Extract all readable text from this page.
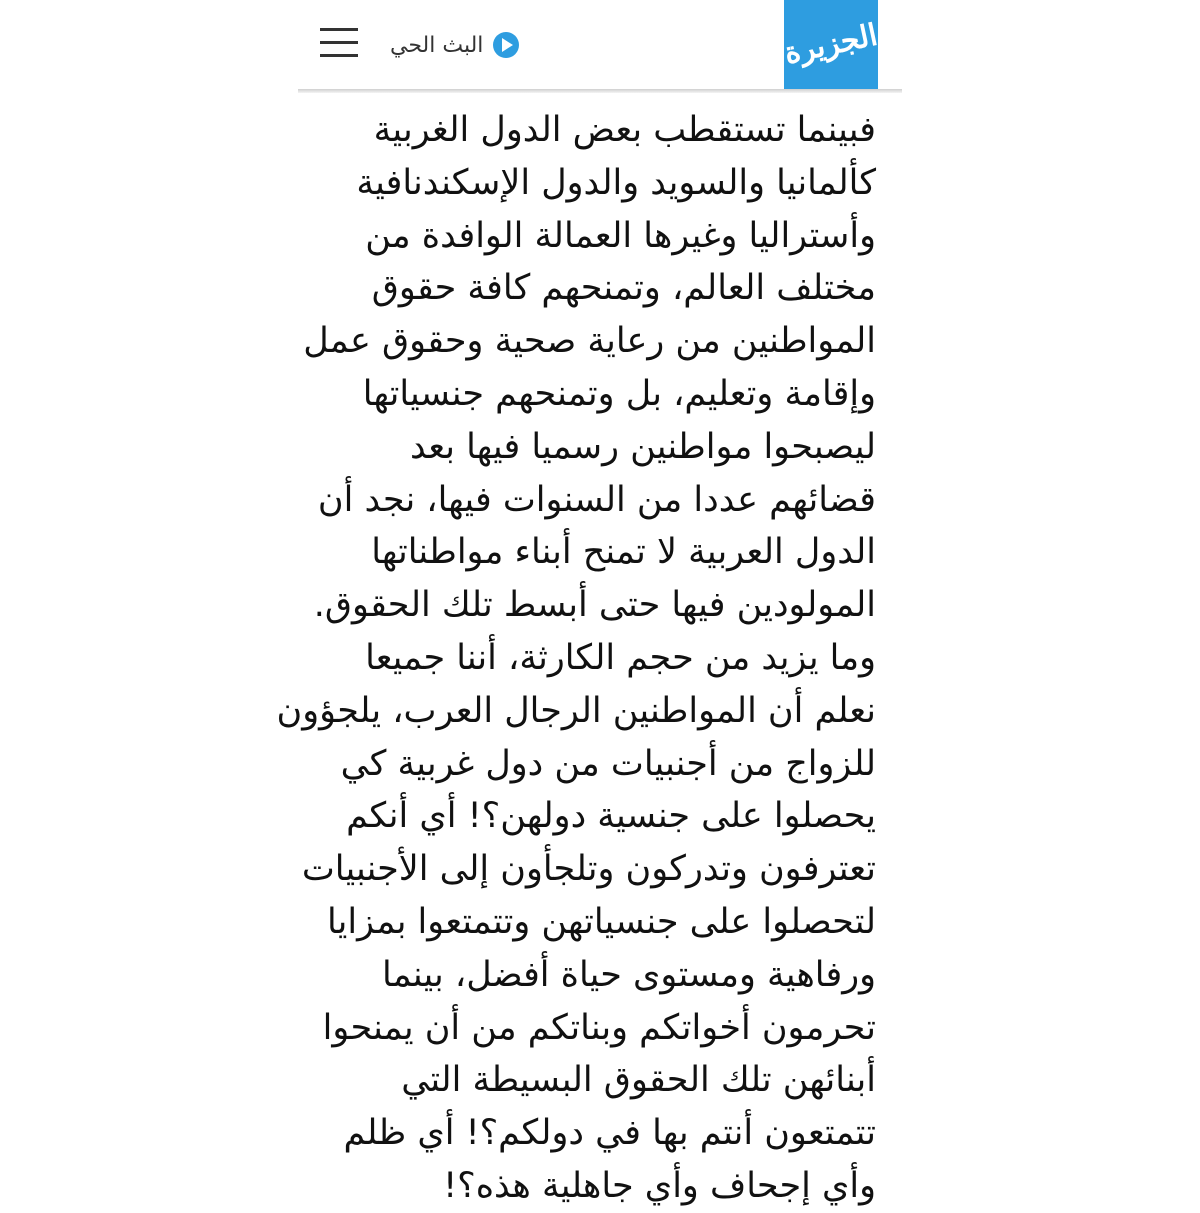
البث الحي	الجزيرة
فبينما تستقطب بعض الدول الغربية
كألمانيا والسويد والدول الإسكندنافية
وأستراليا وغيرها العمالة الوافدة من
مختلف العالم، وتمنحهم كافة حقوق
المواطنين من رعاية صحية وحقوق عمل
وإقامة وتعليم، بل وتمنحهم جنسياتها
ليصبحوا مواطنين رسميا فيها بعد
قضائهم عددا من السنوات فيها، نجد أن
الدول العربية لا تمنح أبناء مواطناتها
المولودين فيها حتى أبسط تلك الحقوق.
وما يزيد من حجم الكارثة، أننا جميعا
نعلم أن المواطنين الرجال العرب، يلجؤون
للزواج من أجنبيات من دول غربية كي
يحصلوا على جنسية دولهن؟! أي أنكم
تعترفون وتدركون وتلجأون إلى الأجنبيات
لتحصلوا على جنسياتهن وتتمتعوا بمزايا
ورفاهية ومستوى حياة أفضل، بينما
تحرمون أخواتكم وبناتكم من أن يمنحوا
أبنائهن تلك الحقوق البسيطة التي
تتمتعون أنتم بها في دولكم؟! أي ظلم
وأي إجحاف وأي جاهلية هذه؟!
